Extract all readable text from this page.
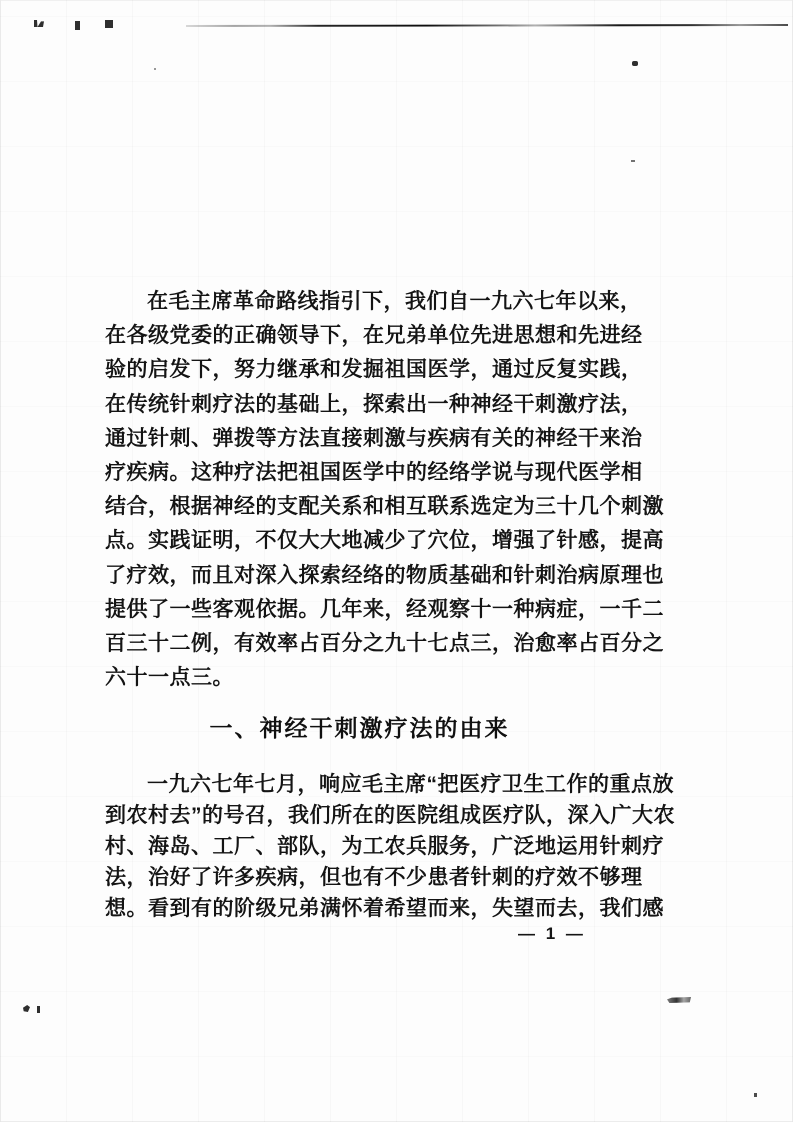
在毛主席革命路线指引下，我们自一九六七年以来，
在各级党委的正确领导下，在兄弟单位先进思想和先进经
验的启发下，努力继承和发掘祖国医学，通过反复实践，
在传统针刺疗法的基础上，探索出一种神经干刺激疗法，
通过针刺、弹拨等方法直接刺激与疾病有关的神经干来治
疗疾病。这种疗法把祖国医学中的经络学说与现代医学相
结合，根据神经的支配关系和相互联系选定为三十几个刺激
点。实践证明，不仅大大地减少了穴位，增强了针感，提高
了疗效，而且对深入探索经络的物质基础和针刺治病原理也
提供了一些客观依据。几年来，经观察十一种病症，一千二
百三十二例，有效率占百分之九十七点三，治愈率占百分之
六十一点三。
一、神经干刺激疗法的由来
一九六七年七月，响应毛主席“把医疗卫生工作的重点放
到农村去”的号召，我们所在的医院组成医疗队，深入广大农
村、海岛、工厂、部队，为工农兵服务，广泛地运用针刺疗
法，治好了许多疾病，但也有不少患者针刺的疗效不够理
想。看到有的阶级兄弟满怀着希望而来，失望而去，我们感
— 1 —
